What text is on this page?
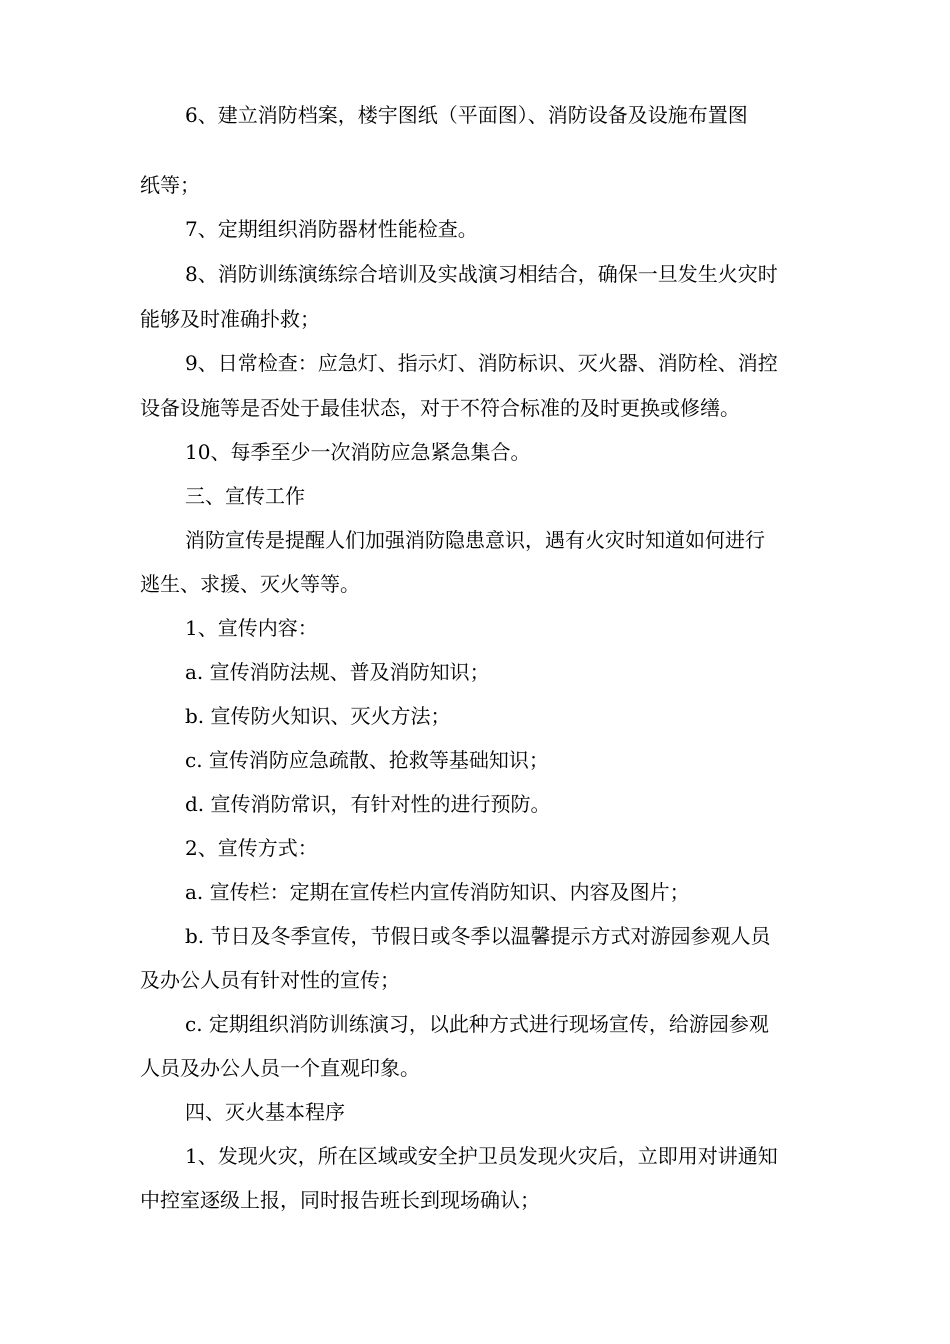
6、建立消防档案，楼宇图纸（平面图）、消防设备及设施布置图
纸等；
7、定期组织消防器材性能检查。
8、消防训练演练综合培训及实战演习相结合，确保一旦发生火灾时
能够及时准确扑救；
9、日常检查：应急灯、指示灯、消防标识、灭火器、消防栓、消控
设备设施等是否处于最佳状态，对于不符合标准的及时更换或修缮。
10、每季至少一次消防应急紧急集合。
三、宣传工作
消防宣传是提醒人们加强消防隐患意识，遇有火灾时知道如何进行
逃生、求援、灭火等等。
1、宣传内容：
a. 宣传消防法规、普及消防知识；
b. 宣传防火知识、灭火方法；
c. 宣传消防应急疏散、抢救等基础知识；
d. 宣传消防常识，有针对性的进行预防。
2、宣传方式：
a. 宣传栏：定期在宣传栏内宣传消防知识、内容及图片；
b. 节日及冬季宣传，节假日或冬季以温馨提示方式对游园参观人员
及办公人员有针对性的宣传；
c. 定期组织消防训练演习，以此种方式进行现场宣传，给游园参观
人员及办公人员一个直观印象。
四、灭火基本程序
1、发现火灾，所在区域或安全护卫员发现火灾后，立即用对讲通知
中控室逐级上报，同时报告班长到现场确认；
